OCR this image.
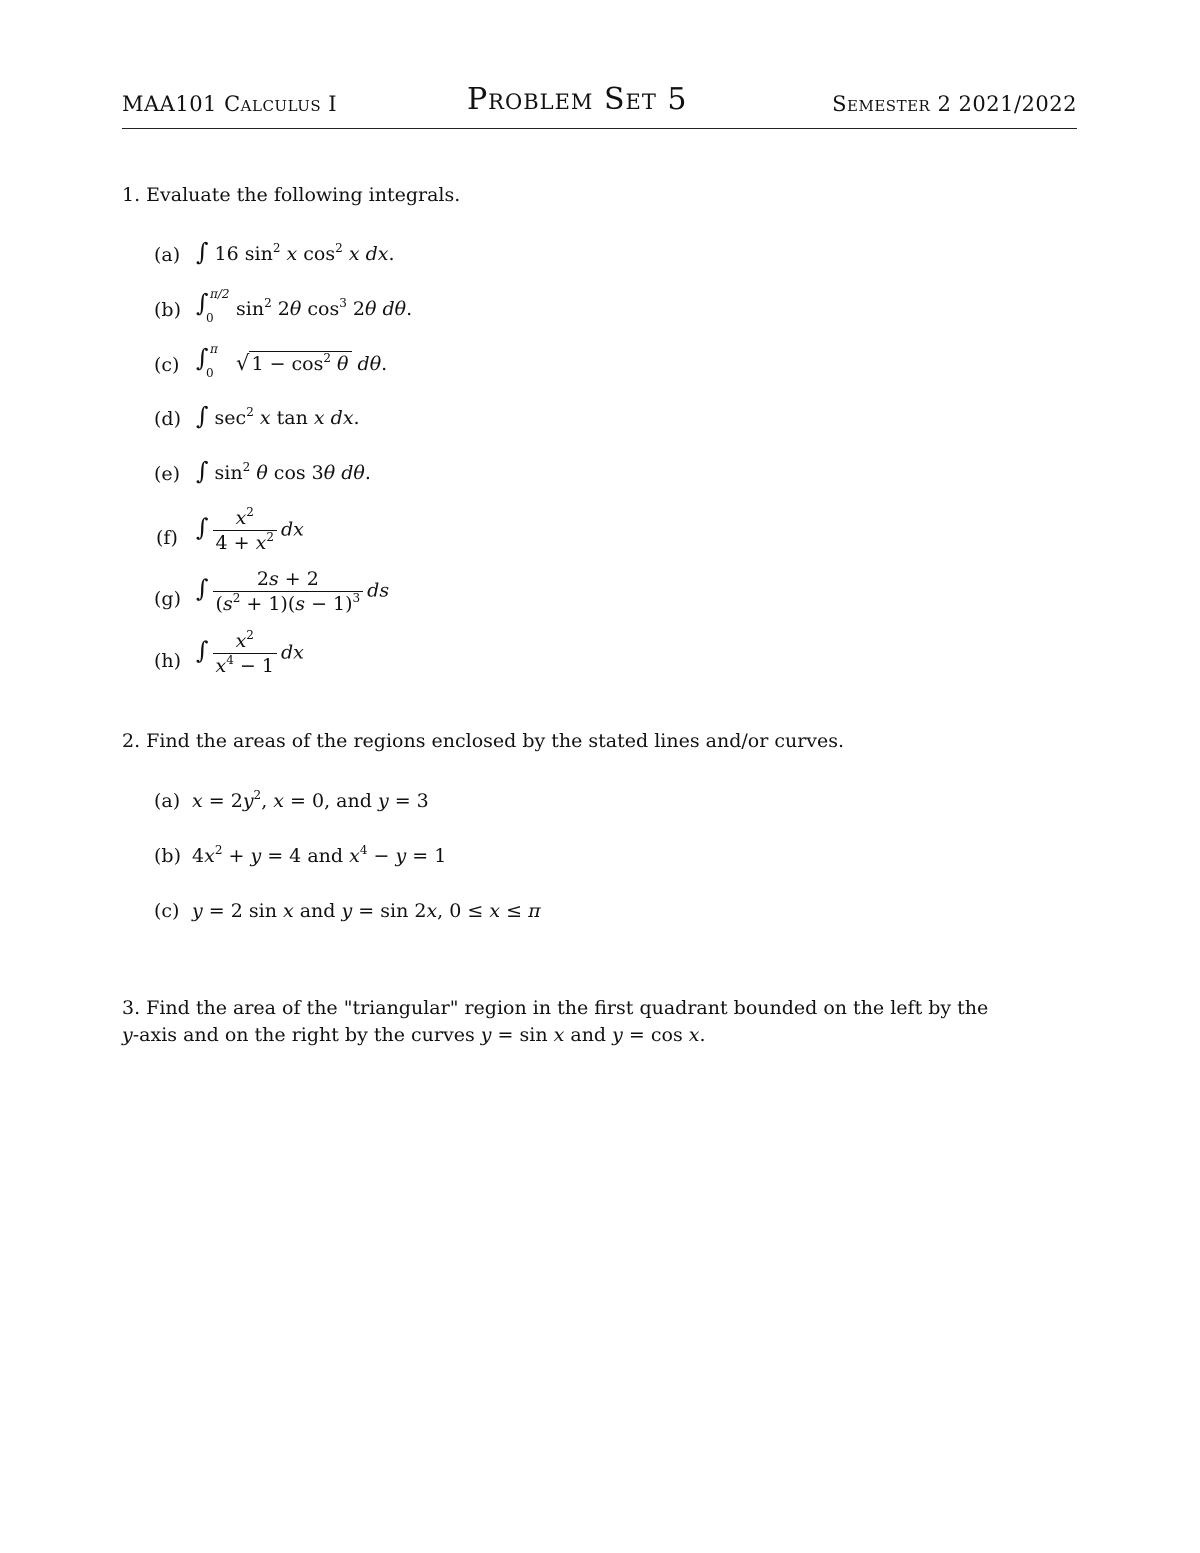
MAA101 Calculus I	Problem Set 5	Semester 2 2021/2022
1. Evaluate the following integrals.
(a) ∫ 16 $\sin^2 x$ $\cos^2 x$ dx.
(b) ∫ π/2
0 $\sin^2 2\theta$ $\cos^3 2\theta$ dθ.
(c) ∫ π
0 √ $1 - \cos^2 \theta$ dθ.
(d) ∫ $\sec^2 x$ tan x dx.
(e) ∫ $\sin^2 \theta$ cos 3θ dθ.
(f) ∫ $\frac{x^2}{4 + x^2}$ dx
(g) ∫ $\frac{2s + 2}{(s^2 + 1)(s - 1)^3}$ ds
(h) ∫ $\frac{x^2}{x^4 - 1}$ dx
2. Find the areas of the regions enclosed by the stated lines and/or curves.
(a) $x = 2y^2$, x = 0, and y = 3
(b) $4x^2 + y = 4$ and $x^4 - y = 1$
(c) y = 2 sin x and y = sin 2x, 0 ≤ x ≤ π
3. Find the area of the "triangular" region in the first quadrant bounded on the left by the
y-axis and on the right by the curves y = sin x and y = cos x.
